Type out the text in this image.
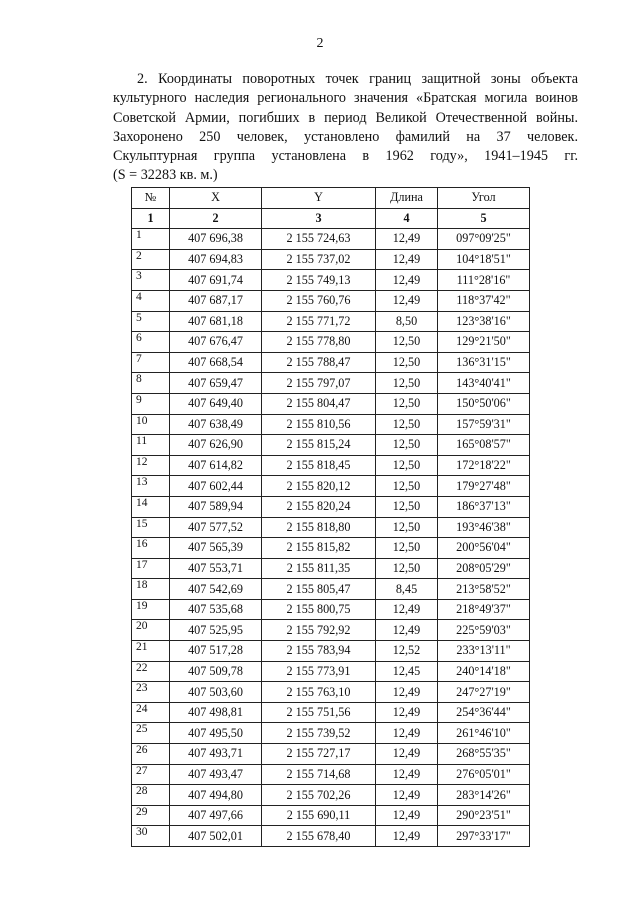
2
2. Координаты поворотных точек границ защитной зоны объекта
культурного наследия регионального значения «Братская могила воинов
Советской Армии, погибших в период Великой Отечественной войны.
Захоронено 250 человек, установлено фамилий на 37 человек.
Скульптурная группа установлена в 1962 году», 1941–1945 гг.
(S = 32283 кв. м.)
№	X	Y	Длина	Угол
1	2	3	4	5
1	407 696,38	2 155 724,63	12,49	097°09'25"
2	407 694,83	2 155 737,02	12,49	104°18'51"
3	407 691,74	2 155 749,13	12,49	111°28'16"
4	407 687,17	2 155 760,76	12,49	118°37'42"
5	407 681,18	2 155 771,72	8,50	123°38'16"
6	407 676,47	2 155 778,80	12,50	129°21'50"
7	407 668,54	2 155 788,47	12,50	136°31'15"
8	407 659,47	2 155 797,07	12,50	143°40'41"
9	407 649,40	2 155 804,47	12,50	150°50'06"
10	407 638,49	2 155 810,56	12,50	157°59'31"
11	407 626,90	2 155 815,24	12,50	165°08'57"
12	407 614,82	2 155 818,45	12,50	172°18'22"
13	407 602,44	2 155 820,12	12,50	179°27'48"
14	407 589,94	2 155 820,24	12,50	186°37'13"
15	407 577,52	2 155 818,80	12,50	193°46'38"
16	407 565,39	2 155 815,82	12,50	200°56'04"
17	407 553,71	2 155 811,35	12,50	208°05'29"
18	407 542,69	2 155 805,47	8,45	213°58'52"
19	407 535,68	2 155 800,75	12,49	218°49'37"
20	407 525,95	2 155 792,92	12,49	225°59'03"
21	407 517,28	2 155 783,94	12,52	233°13'11"
22	407 509,78	2 155 773,91	12,45	240°14'18"
23	407 503,60	2 155 763,10	12,49	247°27'19"
24	407 498,81	2 155 751,56	12,49	254°36'44"
25	407 495,50	2 155 739,52	12,49	261°46'10"
26	407 493,71	2 155 727,17	12,49	268°55'35"
27	407 493,47	2 155 714,68	12,49	276°05'01"
28	407 494,80	2 155 702,26	12,49	283°14'26"
29	407 497,66	2 155 690,11	12,49	290°23'51"
30	407 502,01	2 155 678,40	12,49	297°33'17"
